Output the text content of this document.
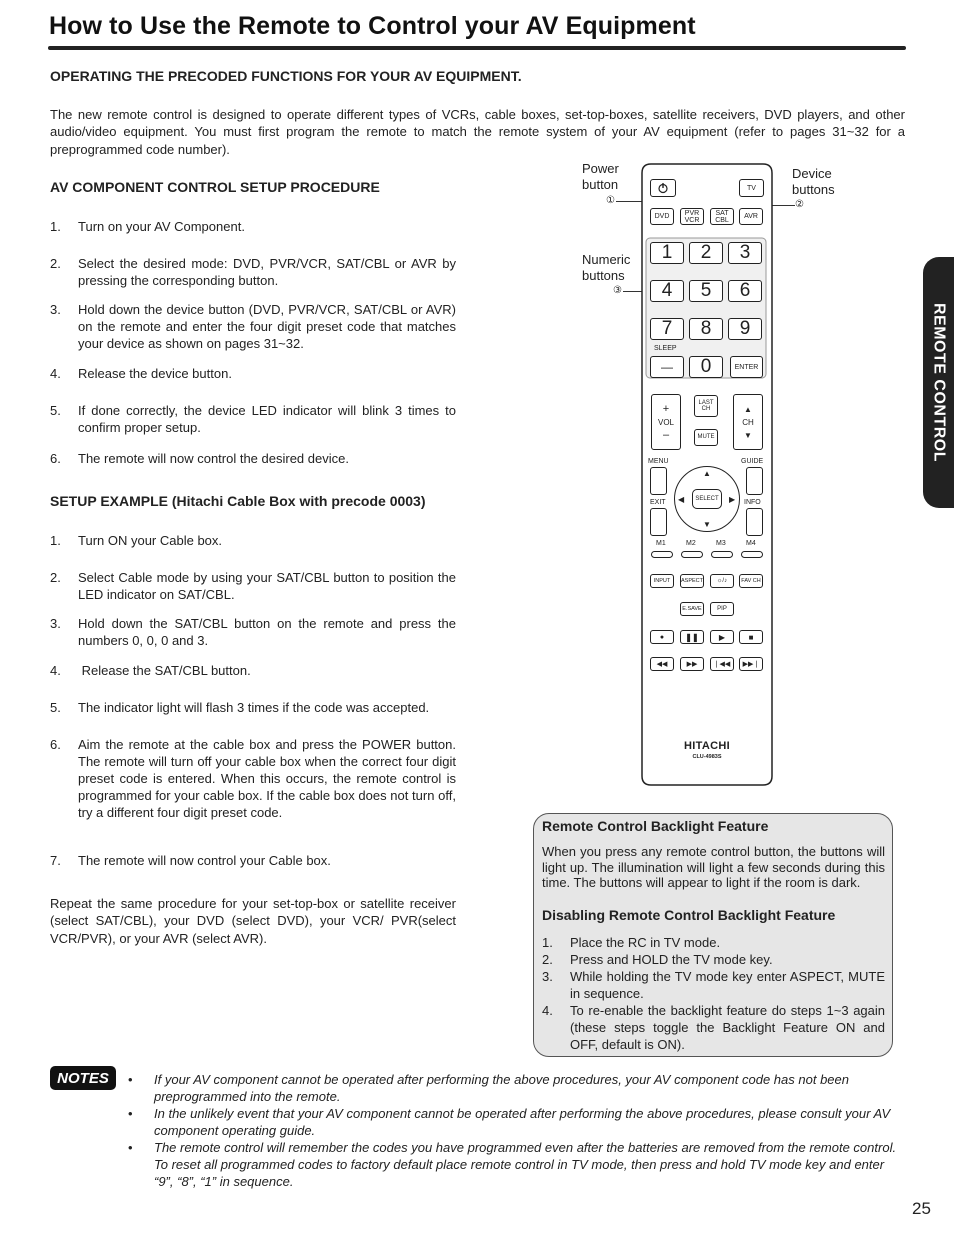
How to Use the Remote to Control your AV Equipment
OPERATING THE PRECODED FUNCTIONS FOR YOUR AV EQUIPMENT.
The new remote control is designed to operate different types of VCRs, cable boxes, set-top-boxes, satellite receivers, DVD players, and other audio/video equipment. You must first program the remote to match the remote system of your AV equipment (refer to pages 31~32 for a preprogrammed code number).
AV COMPONENT CONTROL SETUP PROCEDURE
1. Turn on your AV Component.
2. Select the desired mode: DVD, PVR/VCR, SAT/CBL or AVR by pressing the corresponding button.
3. Hold down the device button (DVD, PVR/VCR, SAT/CBL or AVR) on the remote and enter the four digit preset code that matches your device as shown on pages 31~32.
4. Release the device button.
5. If done correctly, the device LED indicator will blink 3 times to confirm proper setup.
6. The remote will now control the desired device.
SETUP EXAMPLE (Hitachi Cable Box with precode 0003)
1. Turn ON your Cable box.
2. Select Cable mode by using your SAT/CBL button to position the LED indicator on SAT/CBL.
3. Hold down the SAT/CBL button on the remote and press the numbers 0, 0, 0 and 3.
4. Release the SAT/CBL button.
5. The indicator light will flash 3 times if the code was accepted.
6. Aim the remote at the cable box and press the POWER button. The remote will turn off your cable box when the correct four digit preset code is entered. When this occurs, the remote control is programmed for your cable box. If the cable box does not turn off, try a different four digit preset code.
7. The remote will now control your Cable box.
Repeat the same procedure for your set-top-box or satellite receiver (select SAT/CBL), your DVD (select DVD), your VCR/ PVR(select VCR/PVR), or your AVR (select AVR).
Power
button
①
Device
buttons
②
Numeric
buttons
③
TV
DVD	PVR VCR
SAT CBL	AVR
1	2	3
4	5	6
7	8	9
SLEEP
—	0	ENTER
+
VOL
–
▲
CH
▼
LAST CH
MUTE
MENU	GUIDE
EXIT	INFO
▲
▼
◀	▶
SELECT
M1	M2	M3	M4
INPUT	ASPECT	☼/♪	FAV CH
E.SAVE	PIP
●	❚❚	▶	■
◀◀	▶▶	❘◀◀	▶▶❘
HITACHI
CLU-4983S
REMOTE CONTROL
Remote Control Backlight Feature
When you press any remote control button, the buttons will light up. The illumination will light a few seconds during this time. The buttons will appear to light if the room is dark.
Disabling Remote Control Backlight Feature
1. Place the RC in TV mode.
2. Press and HOLD the TV mode key.
3. While holding the TV mode key enter ASPECT, MUTE in sequence.
4. To re-enable the backlight feature do steps 1~3 again (these steps toggle the Backlight Feature ON and OFF, default is ON).
NOTES	• If your AV component cannot be operated after performing the above procedures, your AV component code has not been preprogrammed into the remote.
• In the unlikely event that your AV component cannot be operated after performing the above procedures, please consult your AV component operating guide.
• The remote control will remember the codes you have programmed even after the batteries are removed from the remote control. To reset all programmed codes to factory default place remote control in TV mode, then press and hold TV mode key and enter “9”, “8”, “1” in sequence.
25
